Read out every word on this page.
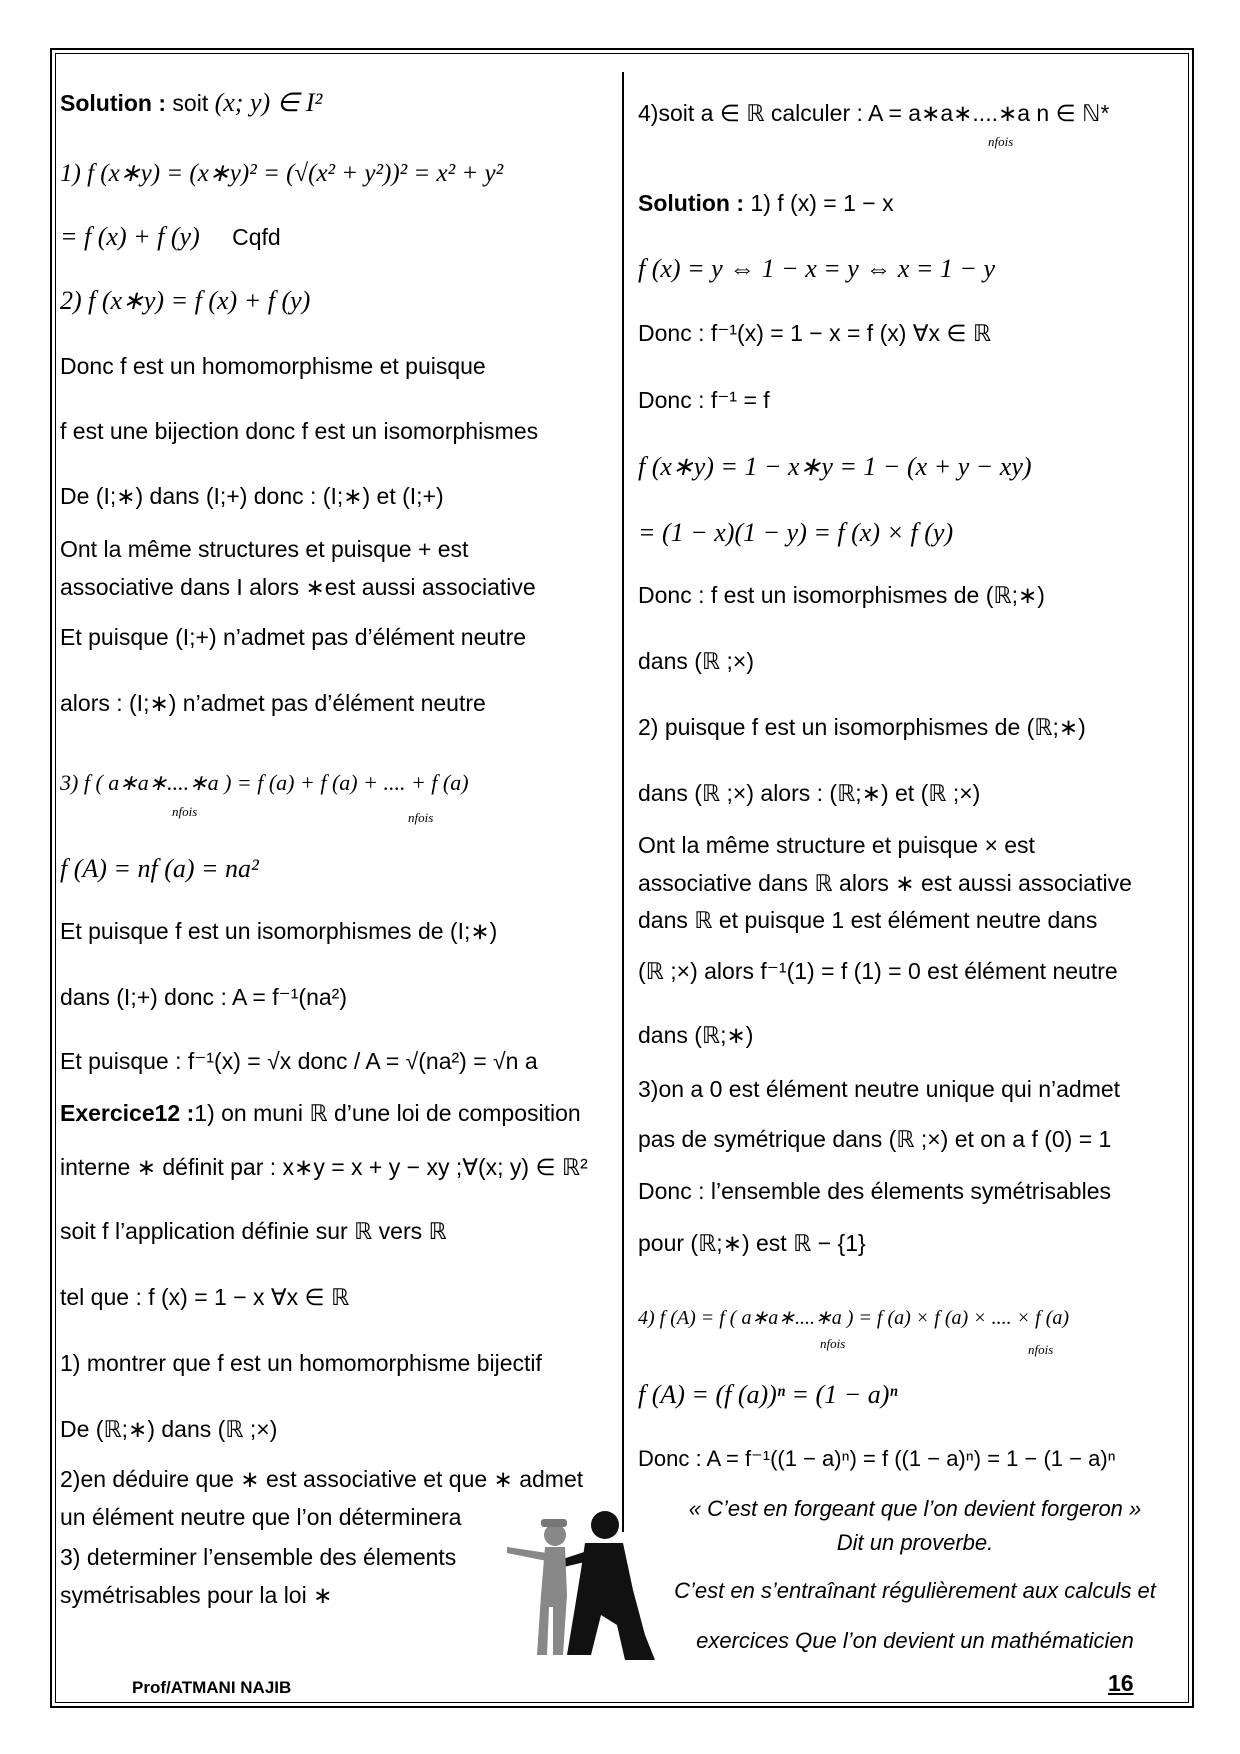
Solution : soit (x; y) ∈ I²
1) f (x∗y) = (x∗y)² = (√(x² + y²))² = x² + y²
= f (x) + f (y) Cqfd
2) f (x∗y) = f (x) + f (y)
Donc f est un homomorphisme et puisque
f est une bijection donc f est un isomorphismes
De (I;∗) dans (I;+) donc : (I;∗) et (I;+)
Ont la même structures et puisque + est
associative dans I alors ∗est aussi associative
Et puisque (I;+) n’admet pas d’élément neutre
alors : (I;∗) n’admet pas d’élément neutre
3) f ( a∗a∗....∗a ) = f (a) + f (a) + .... + f (a)
nfois	nfois
f (A) = nf (a) = na²
Et puisque f est un isomorphismes de (I;∗)
dans (I;+) donc : A = f⁻¹(na²)
Et puisque : f⁻¹(x) = √x donc / A = √(na²) = √n a
Exercice12 :1) on muni ℝ d’une loi de composition
interne ∗ définit par : x∗y = x + y − xy ;∀(x; y) ∈ ℝ²
soit f l’application définie sur ℝ vers ℝ
tel que : f (x) = 1 − x ∀x ∈ ℝ
1) montrer que f est un homomorphisme bijectif
De (ℝ;∗) dans (ℝ ;×)
2)en déduire que ∗ est associative et que ∗ admet
un élément neutre que l’on déterminera
3) determiner l’ensemble des élements
symétrisables pour la loi ∗
4)soit a ∈ ℝ calculer : A = a∗a∗....∗a n ∈ ℕ*
nfois
Solution : 1) f (x) = 1 − x
f (x) = y ⇔ 1 − x = y ⇔ x = 1 − y
Donc : f⁻¹(x) = 1 − x = f (x) ∀x ∈ ℝ
Donc : f⁻¹ = f
f (x∗y) = 1 − x∗y = 1 − (x + y − xy)
= (1 − x)(1 − y) = f (x) × f (y)
Donc : f est un isomorphismes de (ℝ;∗)
dans (ℝ ;×)
2) puisque f est un isomorphismes de (ℝ;∗)
dans (ℝ ;×) alors : (ℝ;∗) et (ℝ ;×)
Ont la même structure et puisque × est
associative dans ℝ alors ∗ est aussi associative
dans ℝ et puisque 1 est élément neutre dans
(ℝ ;×) alors f⁻¹(1) = f (1) = 0 est élément neutre
dans (ℝ;∗)
3)on a 0 est élément neutre unique qui n’admet
pas de symétrique dans (ℝ ;×) et on a f (0) = 1
Donc : l’ensemble des élements symétrisables
pour (ℝ;∗) est ℝ − {1}
4) f (A) = f ( a∗a∗....∗a ) = f (a) × f (a) × .... × f (a)
nfois	nfois
f (A) = (f (a))ⁿ = (1 − a)ⁿ
Donc : A = f⁻¹((1 − a)ⁿ) = f ((1 − a)ⁿ) = 1 − (1 − a)ⁿ
« C’est en forgeant que l’on devient forgeron »
Dit un proverbe.
C’est en s’entraînant régulièrement aux calculs et
exercices Que l’on devient un mathématicien
Prof/ATMANI NAJIB	16
